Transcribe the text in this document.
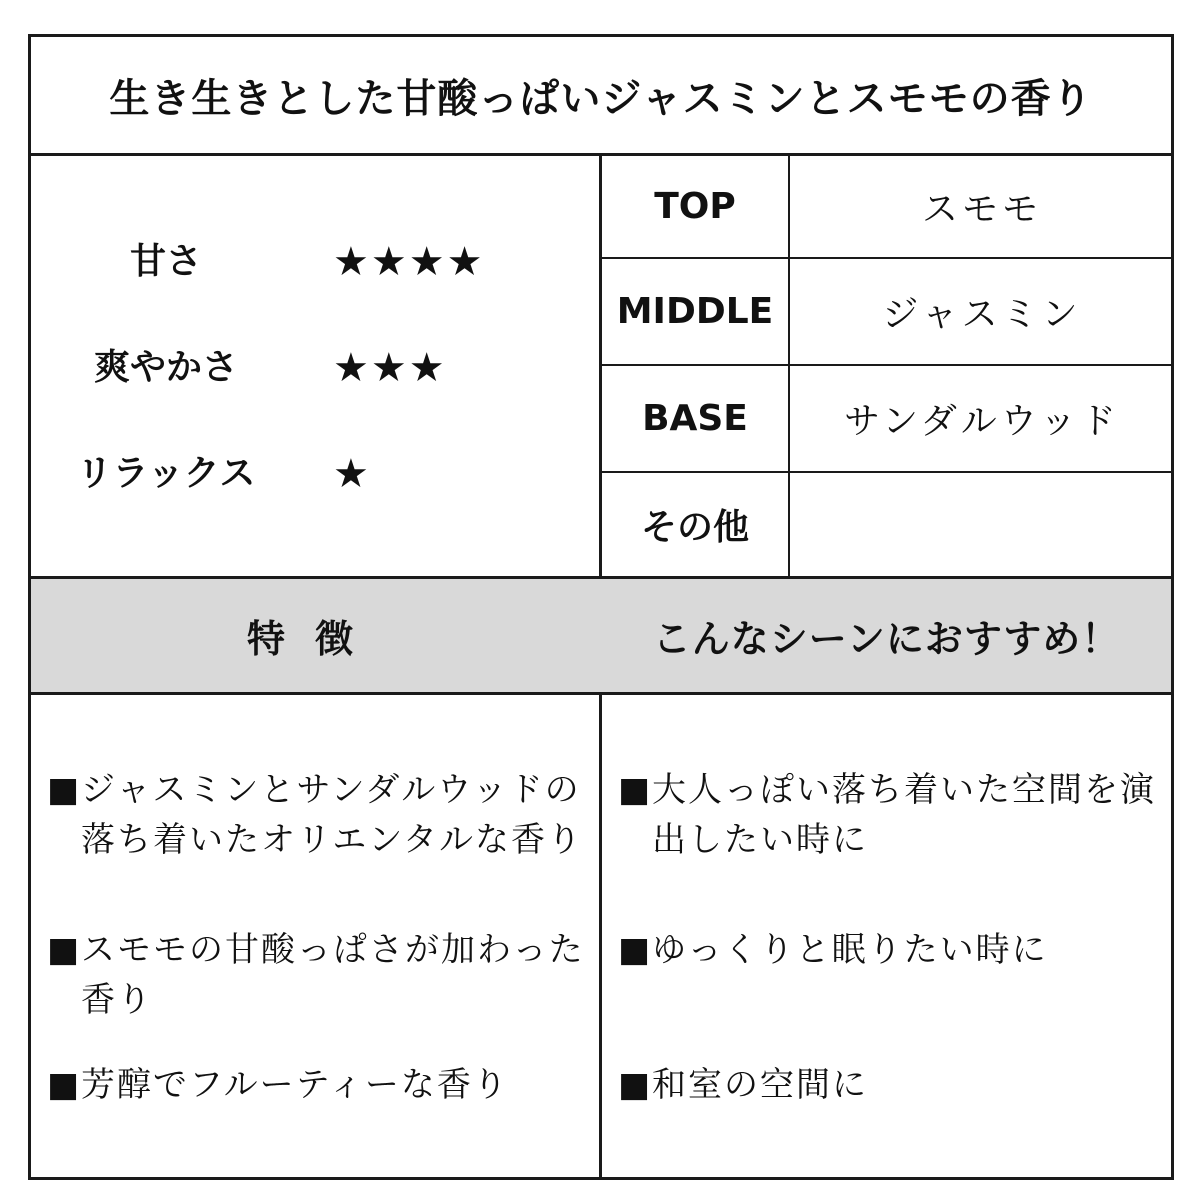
生き生きとした甘酸っぱいジャスミンとスモモの香り
甘さ	★★★★
爽やかさ	★★★
リラックス ★
TOP	スモモ
MIDDLE	ジャスミン
BASE	サンダルウッド
その他
特徴	こんなシーンにおすすめ！
■ ジャスミンとサンダルウッドの落ち着いたオリエンタルな香り
■ スモモの甘酸っぱさが加わった香り
■ 芳醇でフルーティーな香り
■ 大人っぽい落ち着いた空間を演出したい時に
■ ゆっくりと眠りたい時に
■ 和室の空間に
